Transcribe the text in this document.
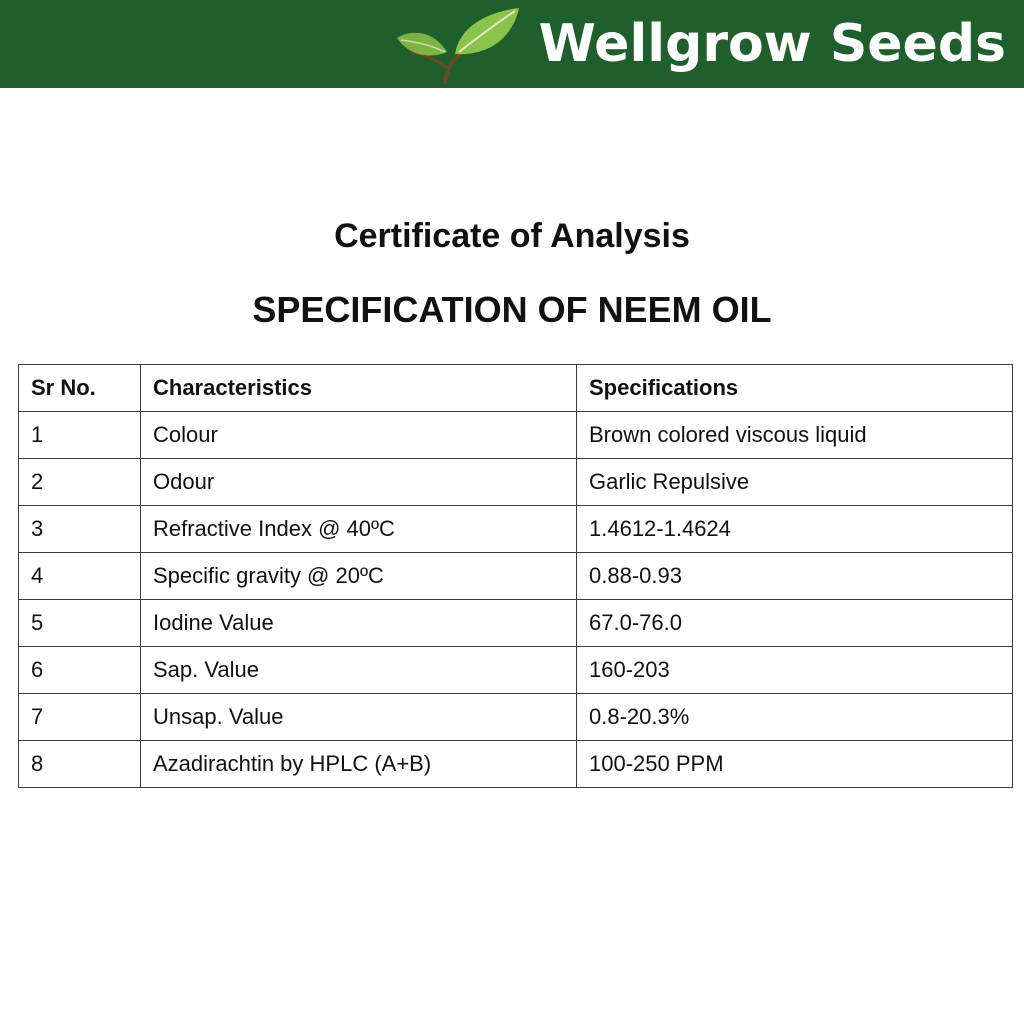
Wellgrow Seeds
Certificate of Analysis
SPECIFICATION OF NEEM OIL
Sr No.	Characteristics	Specifications
1	Colour	Brown colored viscous liquid
2	Odour	Garlic Repulsive
3	Refractive Index @ 40ºC	1.4612-1.4624
4	Specific gravity @ 20ºC	0.88-0.93
5	Iodine Value	67.0-76.0
6	Sap. Value	160-203
7	Unsap. Value	0.8-20.3%
8	Azadirachtin by HPLC (A+B)	100-250 PPM
